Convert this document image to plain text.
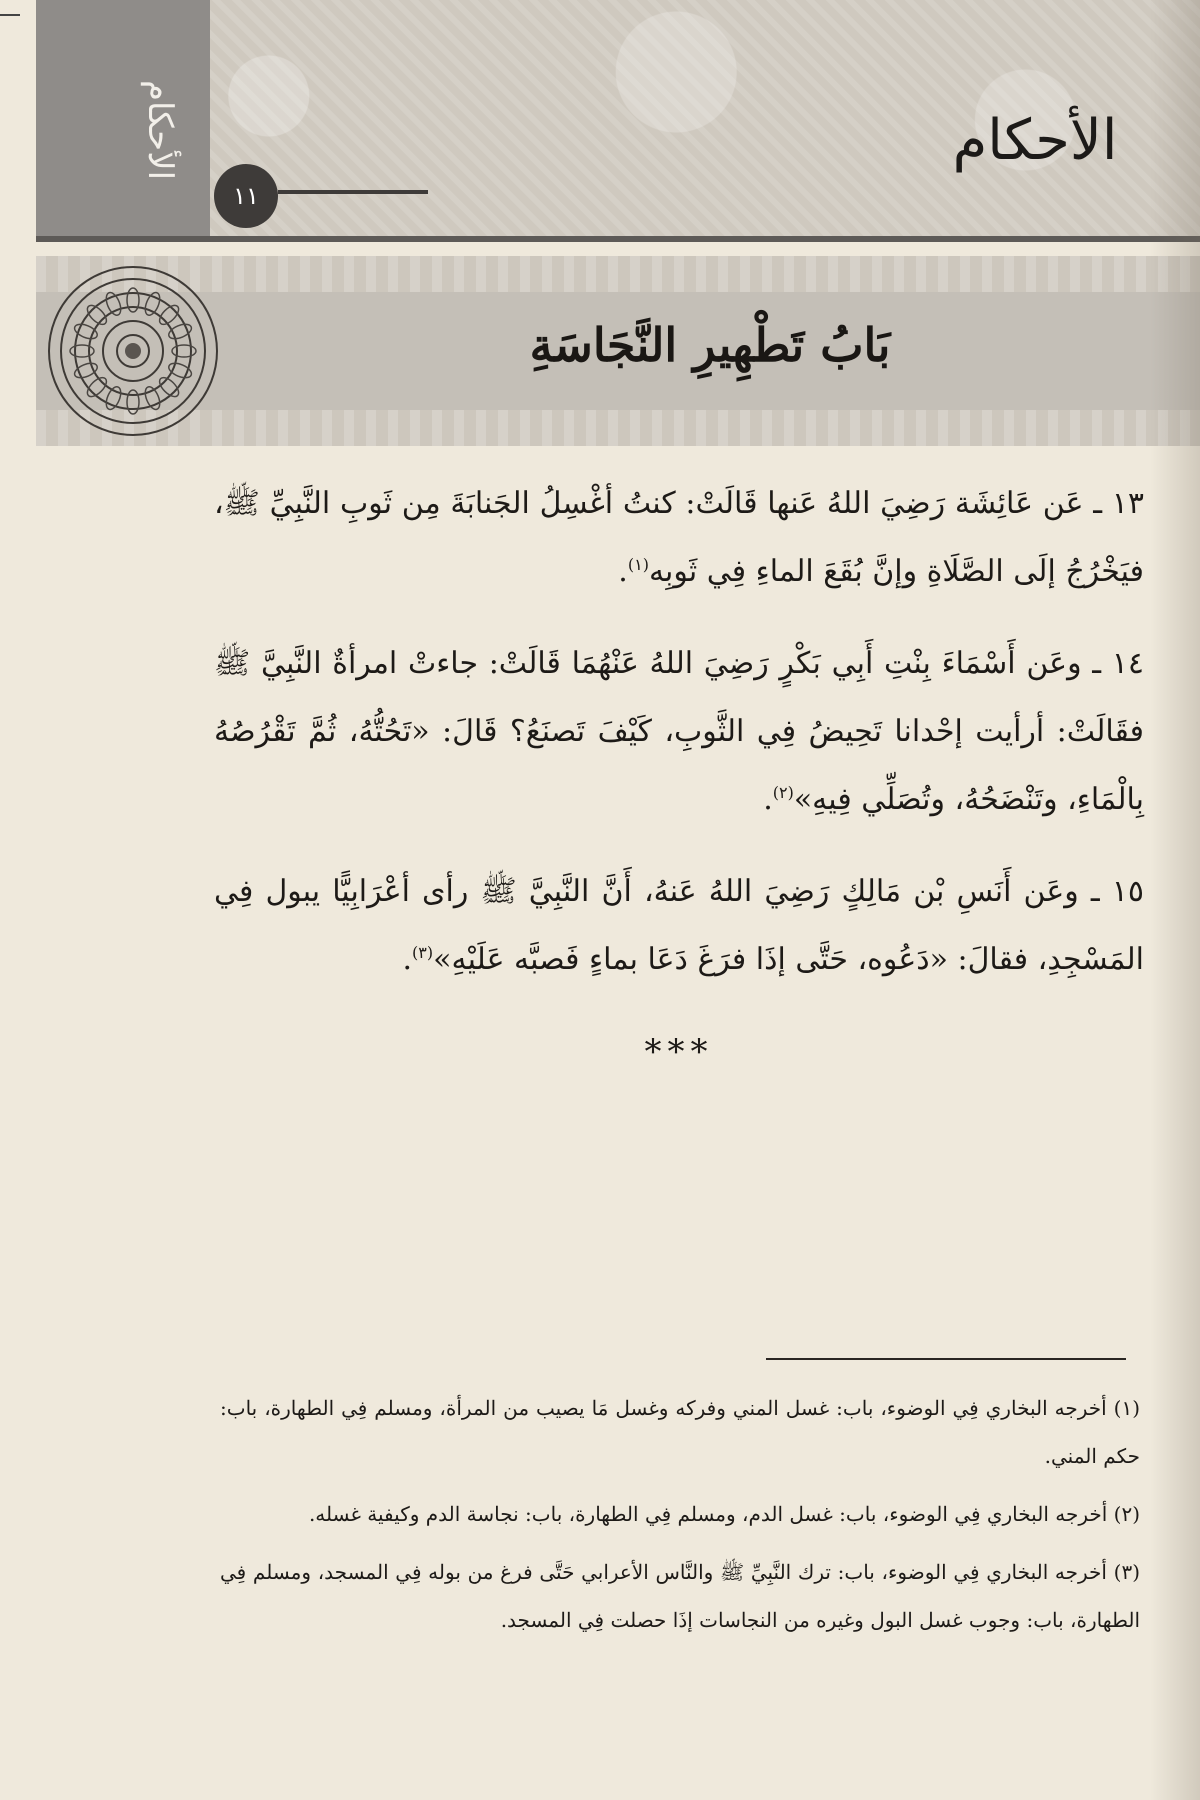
الأحكام
١١
الأحكام
بَابُ تَطْهِيرِ النَّجَاسَةِ

١٣ ـ عَن عَائِشَة رَضِيَ اللهُ عَنها قَالَتْ: كنتُ أغْسِلُ الجَنابَةَ مِن ثَوبِ النَّبِيِّ ﷺ، فيَخْرُجُ إلَى الصَّلَاةِ وإنَّ بُقَعَ الماءِ فِي ثَوبِه$^{(١)}$.

١٤ ـ وعَن أَسْمَاءَ بِنْتِ أَبِي بَكْرٍ رَضِيَ اللهُ عَنْهُمَا قَالَتْ: جاءتْ امرأةٌ النَّبِيَّ ﷺ فقَالَتْ: أرأيت إحْدانا تَحِيضُ فِي الثَّوبِ، كَيْفَ تَصنَعُ؟ قَالَ: «تَحُتُّهُ، ثُمَّ تَقْرُصُهُ بِالْمَاءِ، وتَنْضَحُهُ، وتُصَلِّي فِيهِ»$^{(٢)}$.

١٥ ـ وعَن أَنَسِ بْن مَالِكٍ رَضِيَ اللهُ عَنهُ، أَنَّ النَّبِيَّ ﷺ رأى أعْرَابِيًّا يبول فِي المَسْجِدِ، فقالَ: «دَعُوه، حَتَّى إذَا فرَغَ دَعَا بماءٍ فَصبَّه عَلَيْهِ»$^{(٣)}$.

***

(١) أخرجه البخاري فِي الوضوء، باب: غسل المني وفركه وغسل مَا يصيب من المرأة، ومسلم فِي الطهارة، باب: حكم المني.

(٢) أخرجه البخاري فِي الوضوء، باب: غسل الدم، ومسلم فِي الطهارة، باب: نجاسة الدم وكيفية غسله.

(٣) أخرجه البخاري فِي الوضوء، باب: ترك النَّبِيِّ ﷺ والنَّاس الأعرابي حَتَّى فرغ من بوله فِي المسجد، ومسلم فِي الطهارة، باب: وجوب غسل البول وغيره من النجاسات إذَا حصلت فِي المسجد.
